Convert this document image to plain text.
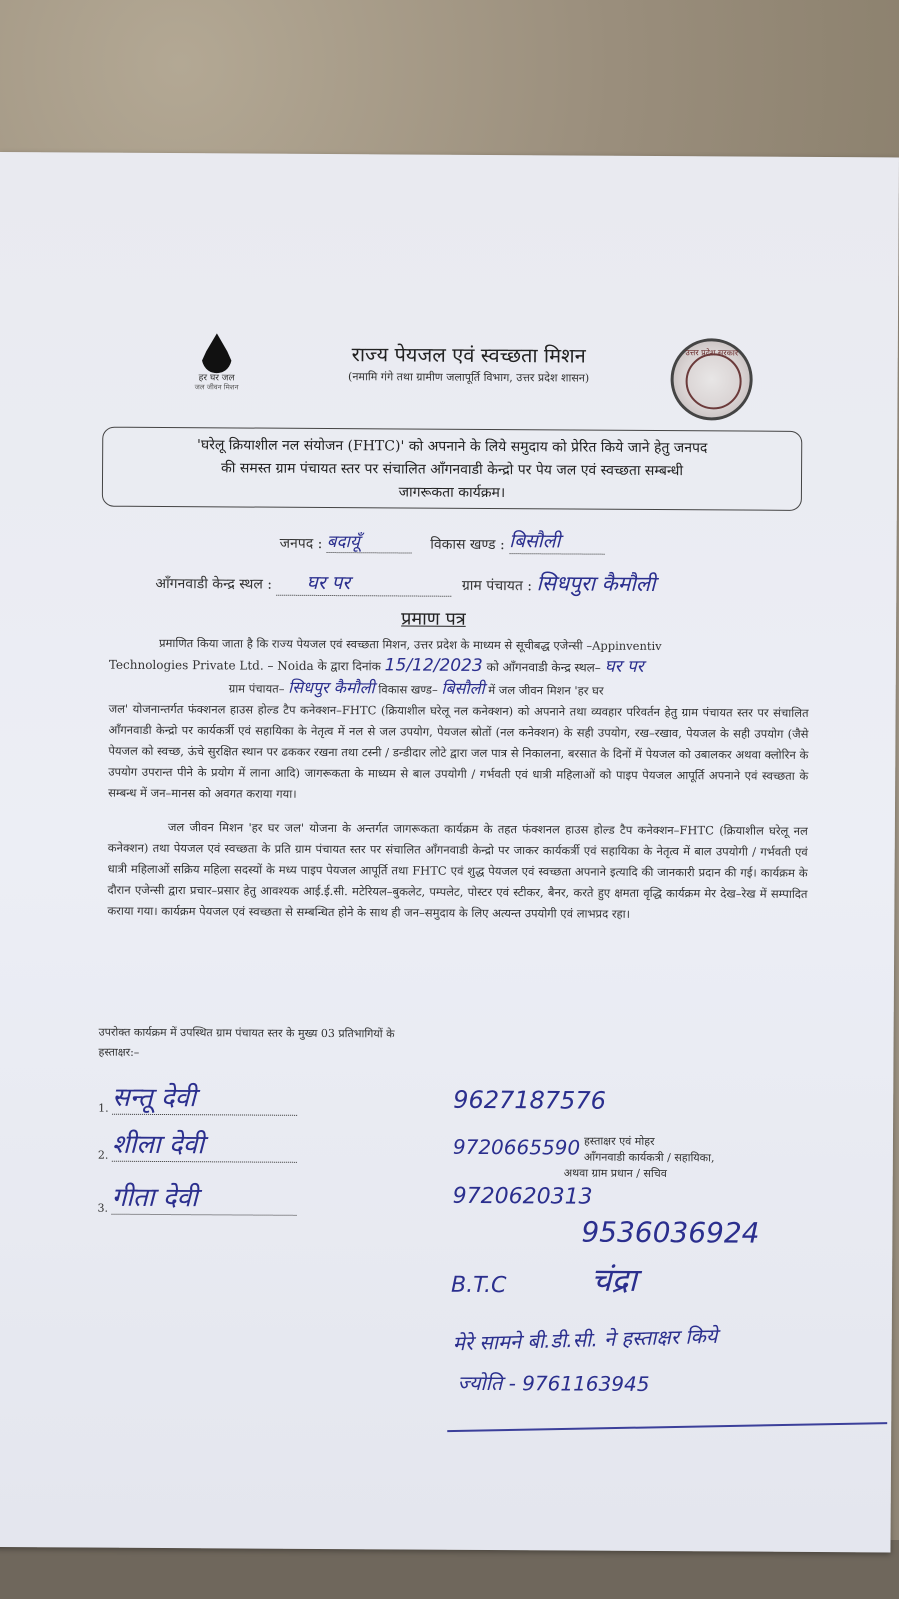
हर घर जल
जल जीवन मिशन
राज्य पेयजल एवं स्वच्छता मिशन
(नमामि गंगे तथा ग्रामीण जलापूर्ति विभाग, उत्तर प्रदेश शासन)
उत्तर प्रदेश सरकार
'घरेलू क्रियाशील नल संयोजन (FHTC)' को अपनाने के लिये समुदाय को प्रेरित किये जाने हेतु जनपद
की समस्त ग्राम पंचायत स्तर पर संचालित आँगनवाडी केन्द्रो पर पेय जल एवं स्वच्छता सम्बन्धी
जागरूकता कार्यक्रम।
जनपद : बदायूँ	विकास खण्ड : बिसौली
आँगनवाडी केन्द्र स्थल : घर पर	ग्राम पंचायत : सिधपुरा कैमौली
प्रमाण पत्र
प्रमाणित किया जाता है कि राज्य पेयजल एवं स्वच्छता मिशन, उत्तर प्रदेश के माध्यम से सूचीबद्ध एजेन्सी –Appinventiv
Technologies Private Ltd. – Noida के द्वारा दिनांक 15/12/2023 को आँगनवाडी केन्द्र स्थल– घर पर
ग्राम पंचायत– सिधपुर कैमौली विकास खण्ड– बिसौली में जल जीवन मिशन 'हर घर
जल' योजनान्तर्गत फंक्शनल हाउस होल्ड टैप कनेक्शन–FHTC (क्रियाशील घरेलू नल कनेक्शन) को अपनाने तथा व्यवहार परिवर्तन हेतु ग्राम पंचायत स्तर पर संचालित आँगनवाडी केन्द्रो पर कार्यकर्त्री एवं सहायिका के नेतृत्व में नल से जल उपयोग, पेयजल स्रोतों (नल कनेक्शन) के सही उपयोग, रख–रखाव, पेयजल के सही उपयोग (जैसे पेयजल को स्वच्छ, ऊंचे सुरक्षित स्थान पर ढककर रखना तथा टस्नी / डन्डीदार लोटे द्वारा जल पात्र से निकालना, बरसात के दिनों में पेयजल को उबालकर अथवा क्लोरिन के उपयोग उपरान्त पीने के प्रयोग में लाना आदि) जागरूकता के माध्यम से बाल उपयोगी / गर्भवती एवं धात्री महिलाओं को पाइप पेयजल आपूर्ति अपनाने एवं स्वच्छता के सम्बन्ध में जन–मानस को अवगत कराया गया।
जल जीवन मिशन 'हर घर जल' योजना के अन्तर्गत जागरूकता कार्यक्रम के तहत फंक्शनल हाउस होल्ड टैप कनेक्शन–FHTC (क्रियाशील घरेलू नल कनेक्शन) तथा पेयजल एवं स्वच्छता के प्रति ग्राम पंचायत स्तर पर संचालित आँगनवाडी केन्द्रो पर जाकर कार्यकर्त्री एवं सहायिका के नेतृत्व में बाल उपयोगी / गर्भवती एवं धात्री महिलाओं सक्रिय महिला सदस्यों के मध्य पाइप पेयजल आपूर्ति तथा FHTC एवं शुद्ध पेयजल एवं स्वच्छता अपनाने इत्यादि की जानकारी प्रदान की गई। कार्यक्रम के दौरान एजेन्सी द्वारा प्रचार–प्रसार हेतु आवश्यक आई.ई.सी. मटेरियल–बुकलेट, पम्पलेट, पोस्टर एवं स्टीकर, बैनर, करते हुए क्षमता वृद्धि कार्यक्रम मेर देख–रेख में सम्पादित कराया गया। कार्यक्रम पेयजल एवं स्वच्छता से सम्बन्धित होने के साथ ही जन–समुदाय के लिए अत्यन्त उपयोगी एवं लाभप्रद रहा।
उपरोक्त कार्यक्रम में उपस्थित ग्राम पंचायत स्तर के मुख्य 03 प्रतिभागियों के
हस्ताक्षर:–
1. सन्तू देवी	9627187576
2. शीला देवी	9720665590
3. गीता देवी	9720620313
हस्ताक्षर एवं मोहर
आँगनवाडी कार्यकत्री / सहायिका,
अथवा ग्राम प्रधान / सचिव
9536036924
B.T.C	चंद्रा
मेरे सामने बी.डी.सी. ने हस्ताक्षर किये
ज्योति - 9761163945
